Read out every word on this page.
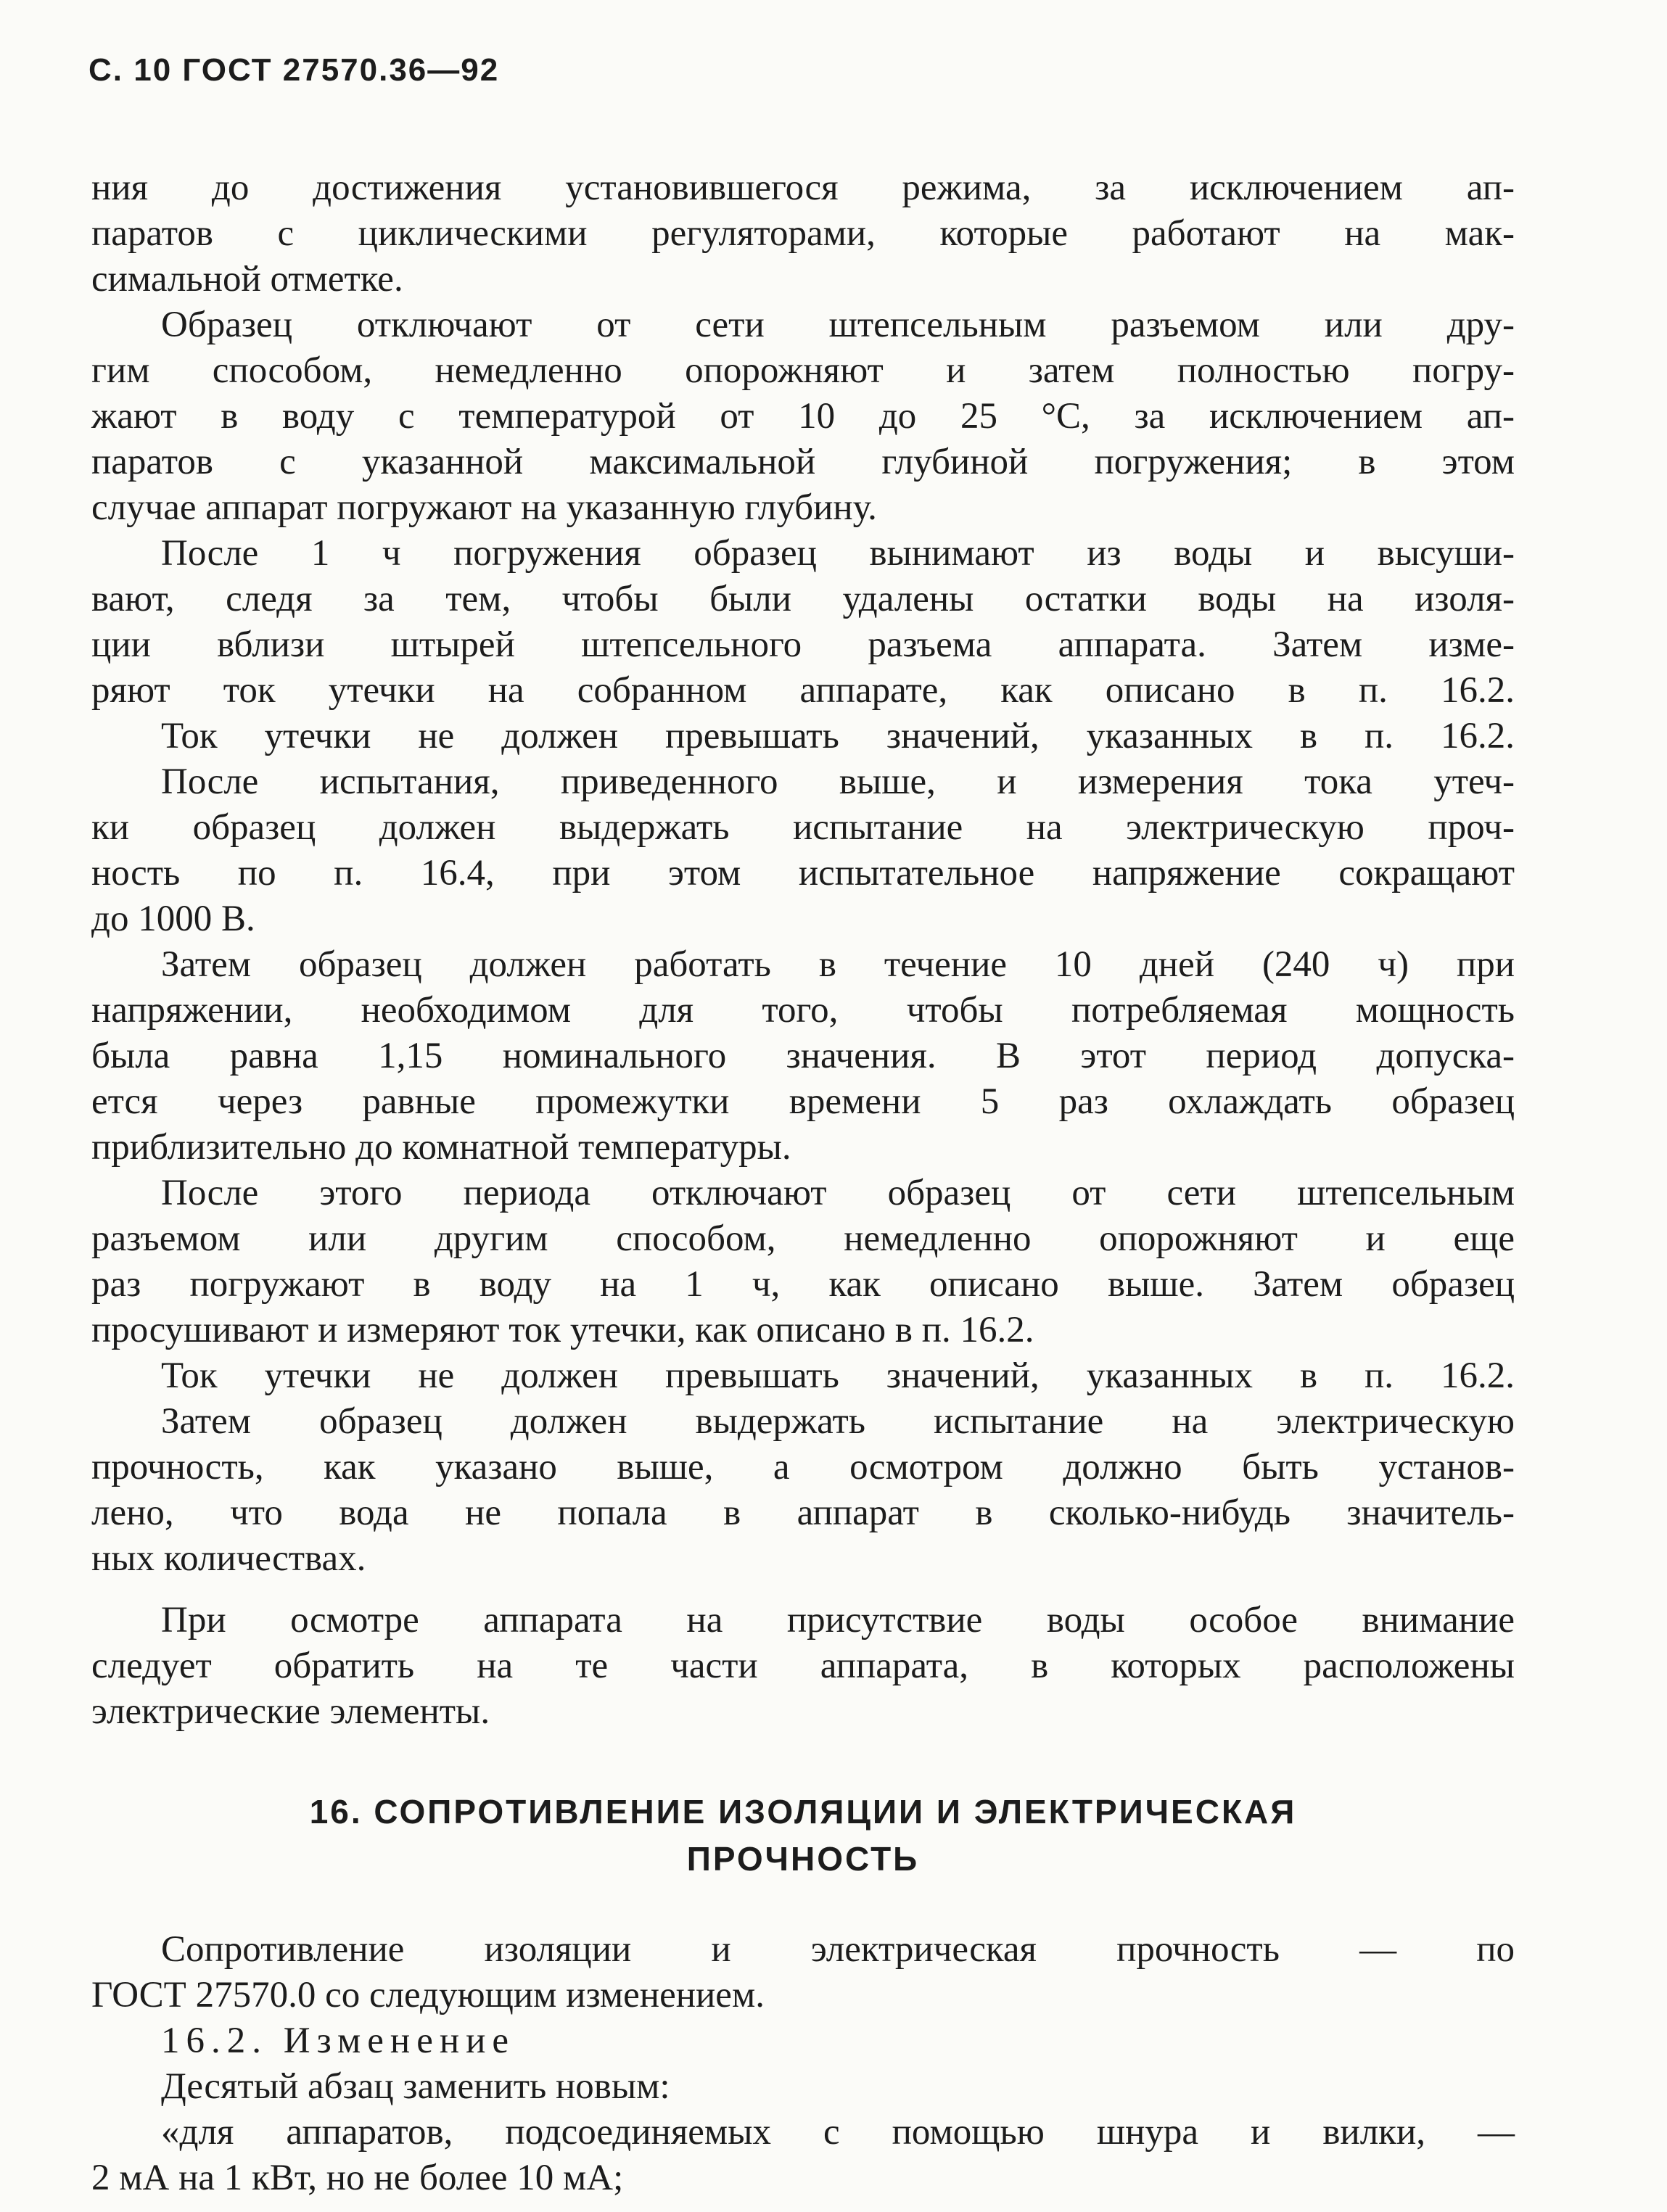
С. 10 ГОСТ 27570.36—92

ния до достижения установившегося режима, за исключением ап-

паратов с циклическими регуляторами, которые работают на мак-

симальной отметке.

Образец отключают от сети штепсельным разъемом или дру-

гим способом, немедленно опорожняют и затем полностью погру-

жают в воду с температурой от 10 до 25 °С, за исключением ап-

паратов с указанной максимальной глубиной погружения; в этом

случае аппарат погружают на указанную глубину.

После 1 ч погружения образец вынимают из воды и высуши-

вают, следя за тем, чтобы были удалены остатки воды на изоля-

ции вблизи штырей штепсельного разъема аппарата. Затем изме-

ряют ток утечки на собранном аппарате, как описано в п. 16.2.

Ток утечки не должен превышать значений, указанных в п. 16.2.

После испытания, приведенного выше, и измерения тока утеч-

ки образец должен выдержать испытание на электрическую проч-

ность по п. 16.4, при этом испытательное напряжение сокращают

до 1000 В.

Затем образец должен работать в течение 10 дней (240 ч) при

напряжении, необходимом для того, чтобы потребляемая мощность

была равна 1,15 номинального значения. В этот период допуска-

ется через равные промежутки времени 5 раз охлаждать образец

приблизительно до комнатной температуры.

После этого периода отключают образец от сети штепсельным

разъемом или другим способом, немедленно опорожняют и еще

раз погружают в воду на 1 ч, как описано выше. Затем образец

просушивают и измеряют ток утечки, как описано в п. 16.2.

Ток утечки не должен превышать значений, указанных в п. 16.2.

Затем образец должен выдержать испытание на электрическую

прочность, как указано выше, а осмотром должно быть установ-

лено, что вода не попала в аппарат в сколько-нибудь значитель-

ных количествах.

При осмотре аппарата на присутствие воды особое внимание

следует обратить на те части аппарата, в которых расположены

электрические элементы.

16. СОПРОТИВЛЕНИЕ ИЗОЛЯЦИИ И ЭЛЕКТРИЧЕСКАЯ

ПРОЧНОСТЬ

Сопротивление изоляции и электрическая прочность — по

ГОСТ 27570.0 со следующим изменением.

16.2. Изменение

Десятый абзац заменить новым:

«для аппаратов, подсоединяемых с помощью шнура и вилки, —

2 мА на 1 кВт, но не более 10 мА;
